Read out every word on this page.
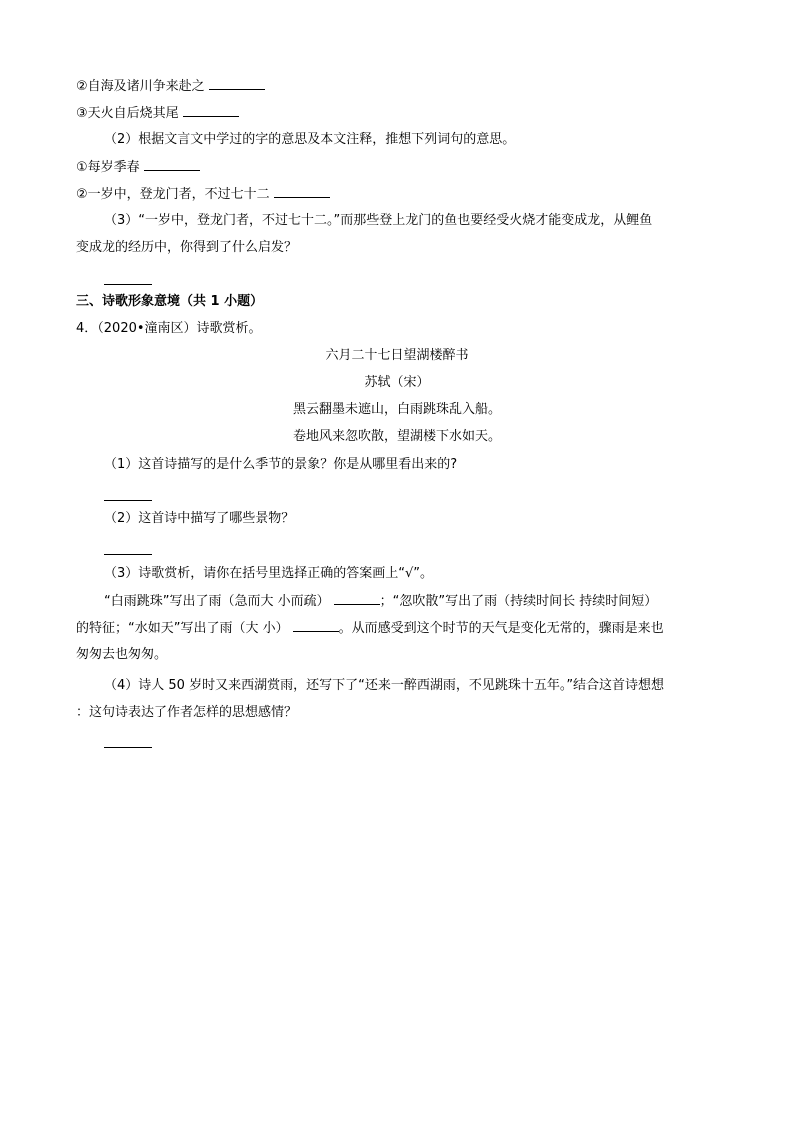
②自海及诸川争来赴之
③天火自后烧其尾
（2）根据文言文中学过的字的意思及本文注释，推想下列词句的意思。
①每岁季春
②一岁中，登龙门者，不过七十二
（3）“一岁中，登龙门者，不过七十二。”而那些登上龙门的鱼也要经受火烧才能变成龙，从鲤鱼
变成龙的经历中，你得到了什么启发？
三、诗歌形象意境（共 1 小题）
4．（2020•潼南区）诗歌赏析。
六月二十七日望湖楼醉书
苏轼（宋）
黑云翻墨未遮山，白雨跳珠乱入船。
卷地风来忽吹散，望湖楼下水如天。
（1）这首诗描写的是什么季节的景象？你是从哪里看出来的?
（2）这首诗中描写了哪些景物？
（3）诗歌赏析，请你在括号里选择正确的答案画上“√”。
“白雨跳珠”写出了雨（急而大 小而疏）	；“忽吹散”写出了雨（持续时间长 持续时间短）
的特征；“水如天”写出了雨（大 小）	。从而感受到这个时节的天气是变化无常的，骤雨是来也
匆匆去也匆匆。
（4）诗人 50 岁时又来西湖赏雨，还写下了“还来一醉西湖雨，不见跳珠十五年。”结合这首诗想想
：这句诗表达了作者怎样的思想感情？
